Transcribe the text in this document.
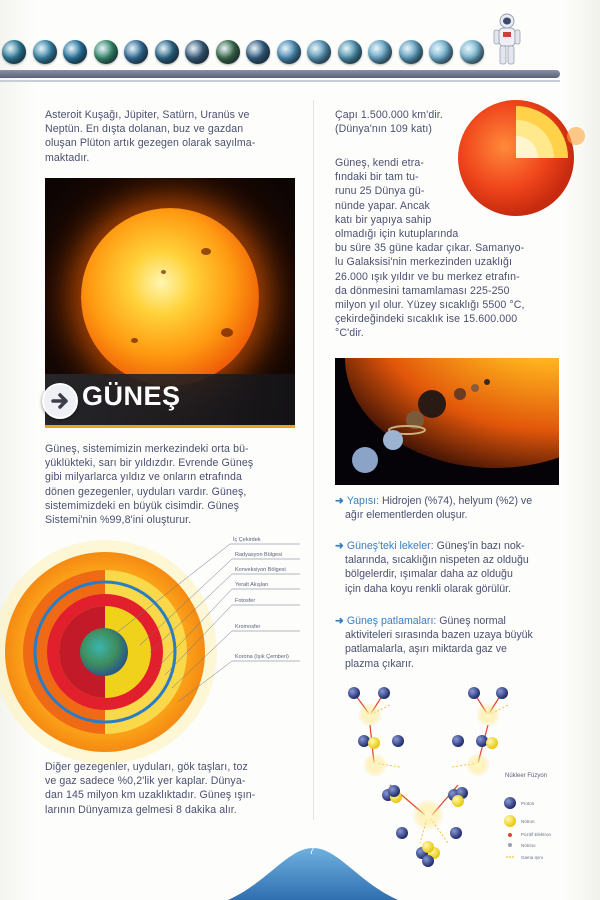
Asteroit Kuşağı, Jüpiter, Satürn, Uranüs ve

Neptün. En dışta dolanan, buz ve gazdan

oluşan Plüton artık gezegen olarak sayılma-

maktadır.

GÜNEŞ

Güneş, sistemimizin merkezindeki orta bü-

yüklükteki, sarı bir yıldızdır. Evrende Güneş

gibi milyarlarca yıldız ve onların etrafında

dönen gezegenler, uyduları vardır. Güneş,

sistemimizdeki en büyük cisimdir. Güneş

Sistemi'nin %99,8'ini oluşturur.

İç Çekirdek
Radyasyon Bölgesi
Konveksiyon Bölgesi
Yeralt Akışları
Fotosfer
Kromosfer
Korona (Işık Çemberi)

Diğer gezegenler, uyduları, gök taşları, toz

ve gaz sadece %0,2'lik yer kaplar. Dünya-

dan 145 milyon km uzaklıktadır. Güneş ışın-

larının Dünyamıza gelmesi 8 dakika alır.

Çapı 1.500.000 km'dir.

(Dünya'nın 109 katı)

Güneş, kendi etra-

fındaki bir tam tu-

runu 25 Dünya gü-

nünde yapar. Ancak

katı bir yapıya sahip

olmadığı için kutuplarında

bu süre 35 güne kadar çıkar. Samanyo-

lu Galaksisi'nin merkezinden uzaklığı

26.000 ışık yıldır ve bu merkez etrafın-

da dönmesini tamamlaması 225-250

milyon yıl olur. Yüzey sıcaklığı 5500 °C,

çekirdeğindeki sıcaklık ise 15.600.000

°C'dir.

➜ Yapısı: Hidrojen (%74), helyum (%2) ve
ağır elementlerden oluşur.
➜ Güneş'teki lekeler: Güneş'in bazı nok-
talarında, sıcaklığın nispeten az olduğu
bölgelerdir, ışımalar daha az olduğu
için daha koyu renkli olarak görülür.
➜ Güneş patlamaları: Güneş normal
aktiviteleri sırasında bazen uzaya büyük
patlamalarla, aşırı miktarda gaz ve
plazma çıkarır.
Nükleer Füzyon
Proton
Nötron
Pozitif Elektron
Nötrino
Gama Işını
7
